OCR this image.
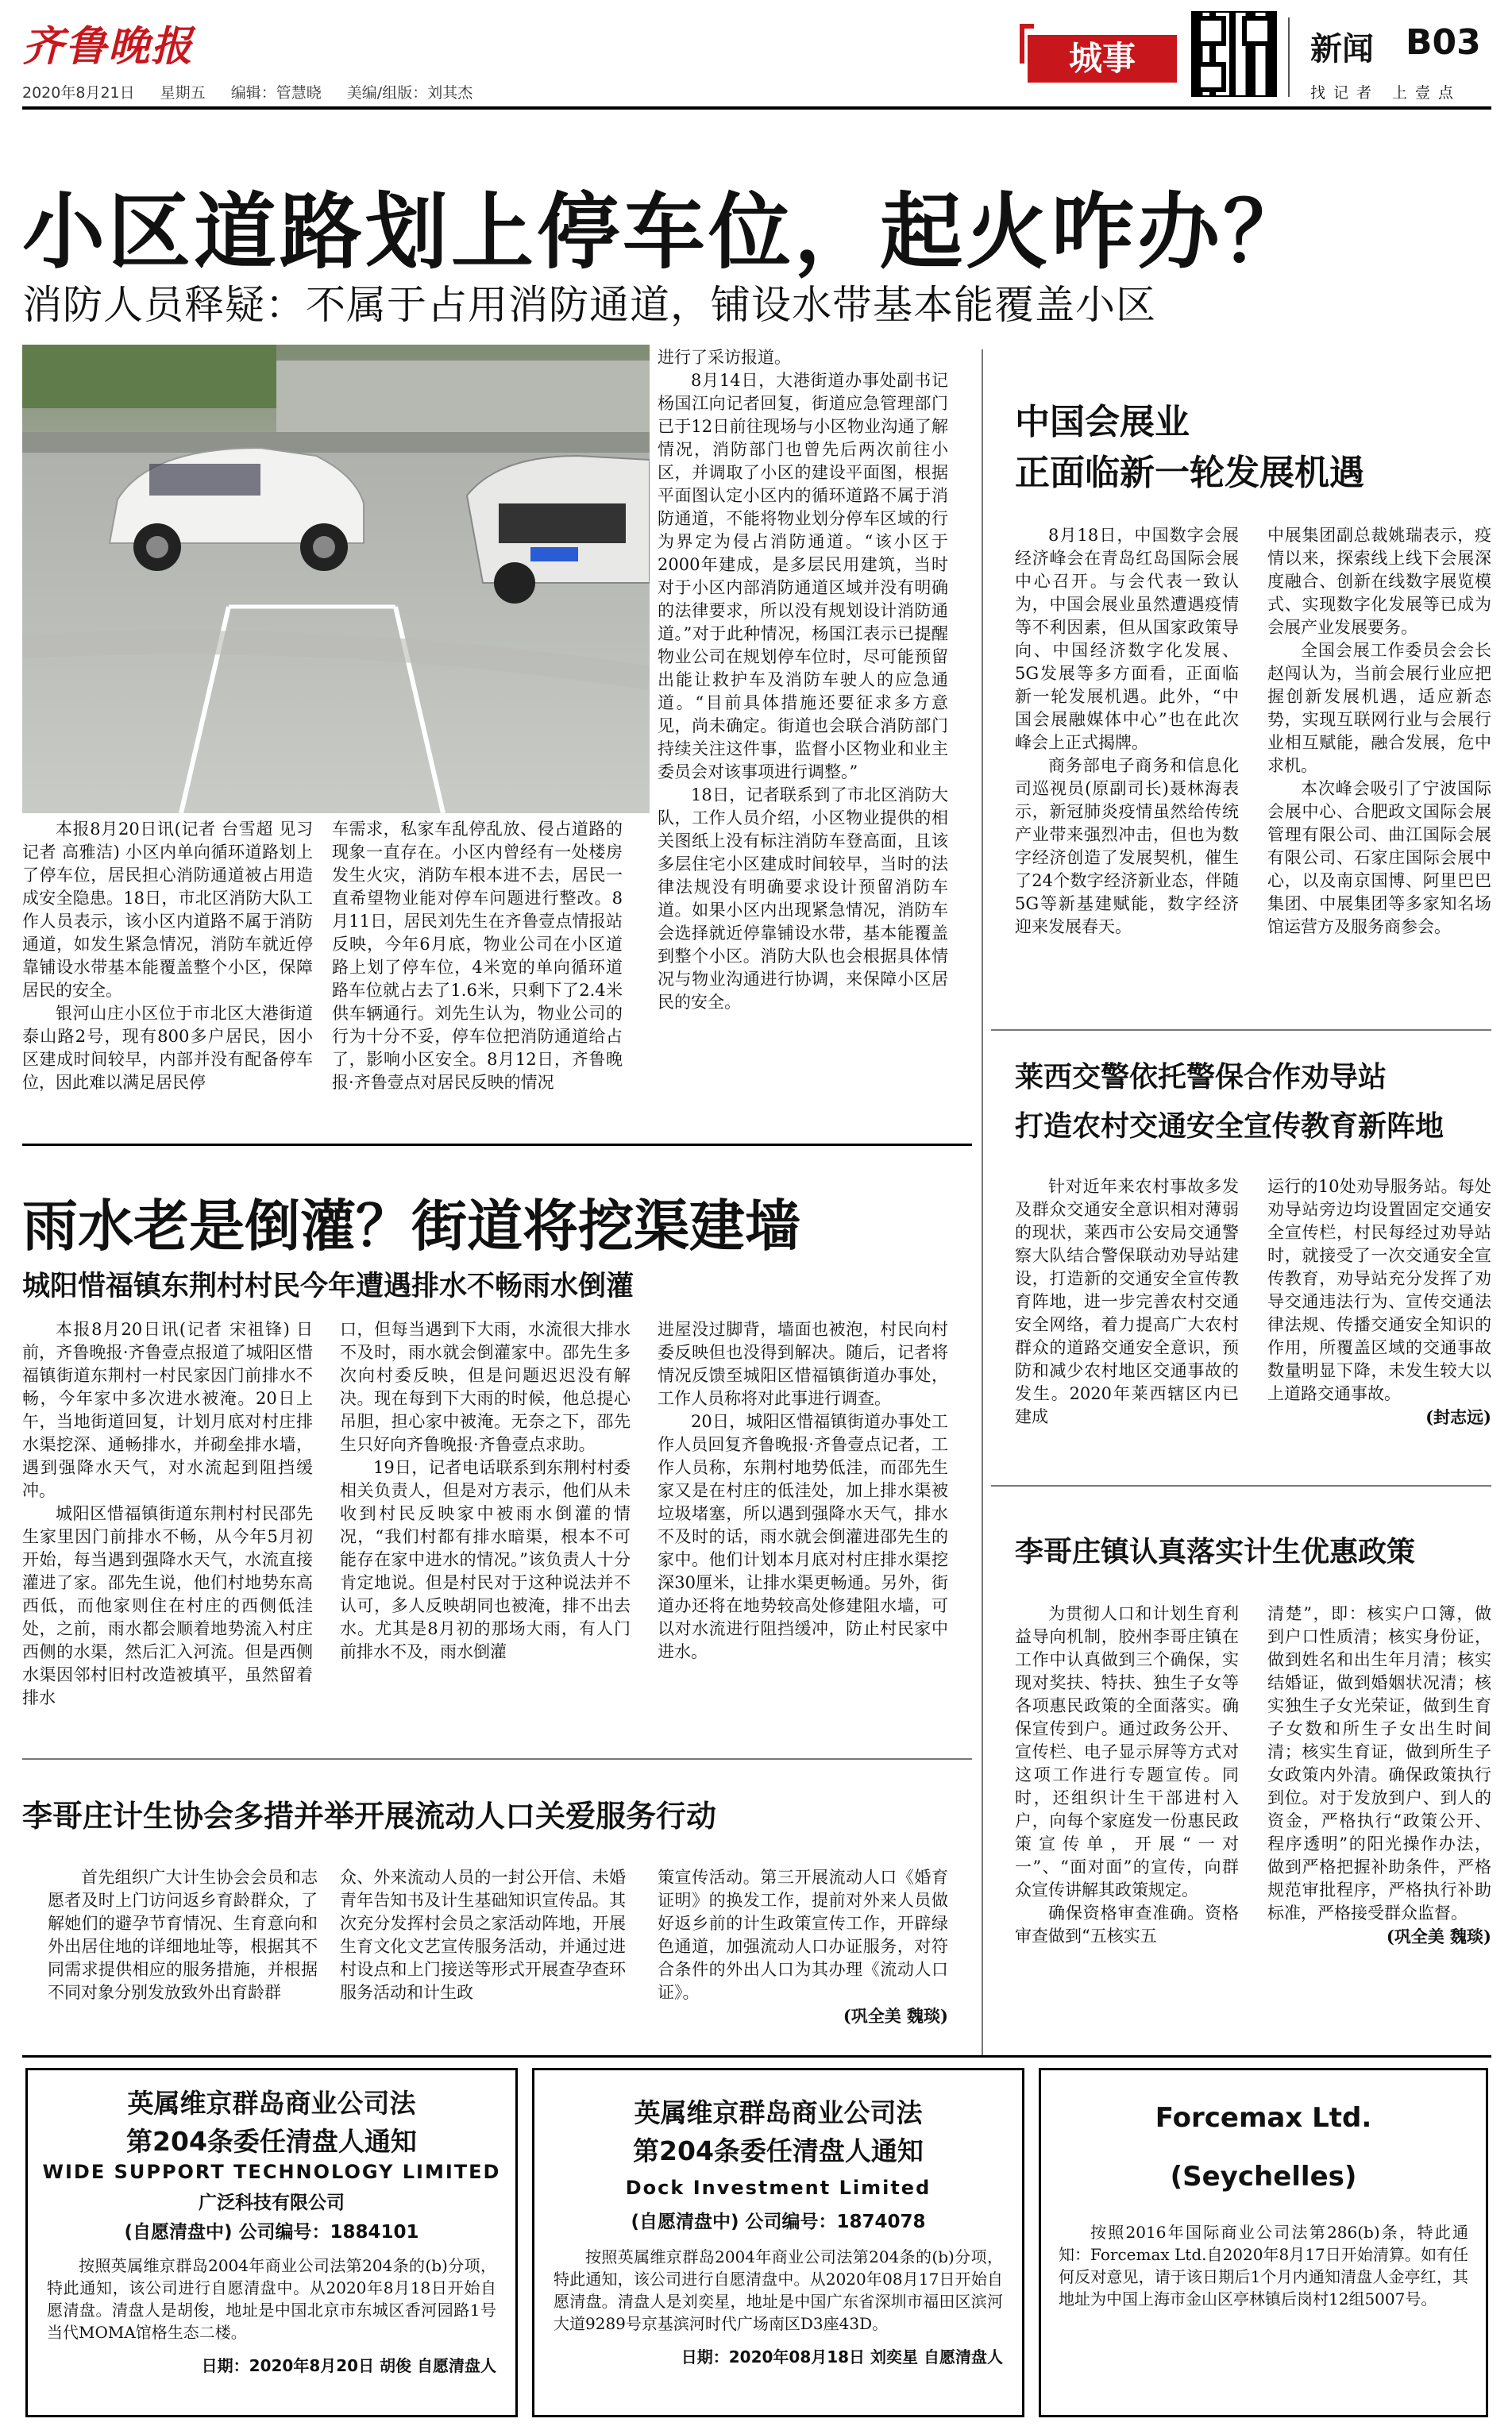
齐鲁晚报
2020年8月21日 星期五 编辑：管慧晓 美编/组版：刘其杰
城事	新闻 B03
找记者 上壹点
小区道路划上停车位，起火咋办？
消防人员释疑：不属于占用消防通道，铺设水带基本能覆盖小区

本报8月20日讯(记者 台雪超 见习记者 高雅洁) 小区内单向循环道路划上了停车位，居民担心消防通道被占用造成安全隐患。18日，市北区消防大队工作人员表示，该小区内道路不属于消防通道，如发生紧急情况，消防车就近停靠铺设水带基本能覆盖整个小区，保障居民的安全。

银河山庄小区位于市北区大港街道泰山路2号，现有800多户居民，因小区建成时间较早，内部并没有配备停车位，因此难以满足居民停

车需求，私家车乱停乱放、侵占道路的现象一直存在。小区内曾经有一处楼房发生火灾，消防车根本进不去，居民一直希望物业能对停车问题进行整改。8月11日，居民刘先生在齐鲁壹点情报站反映，今年6月底，物业公司在小区道路上划了停车位，4米宽的单向循环道路车位就占去了1.6米，只剩下了2.4米供车辆通行。刘先生认为，物业公司的行为十分不妥，停车位把消防通道给占了，影响小区安全。8月12日，齐鲁晚报·齐鲁壹点对居民反映的情况

进行了采访报道。

8月14日，大港街道办事处副书记杨国江向记者回复，街道应急管理部门已于12日前往现场与小区物业沟通了解情况，消防部门也曾先后两次前往小区，并调取了小区的建设平面图，根据平面图认定小区内的循环道路不属于消防通道，不能将物业划分停车区域的行为界定为侵占消防通道。“该小区于2000年建成，是多层民用建筑，当时对于小区内部消防通道区域并没有明确的法律要求，所以没有规划设计消防通道。”对于此种情况，杨国江表示已提醒物业公司在规划停车位时，尽可能预留出能让救护车及消防车驶人的应急通道。“目前具体措施还要征求多方意见，尚未确定。街道也会联合消防部门持续关注这件事，监督小区物业和业主委员会对该事项进行调整。”

18日，记者联系到了市北区消防大队，工作人员介绍，小区物业提供的相关图纸上没有标注消防车登高面，且该多层住宅小区建成时间较早，当时的法律法规没有明确要求设计预留消防车道。如果小区内出现紧急情况，消防车会选择就近停靠铺设水带，基本能覆盖到整个小区。消防大队也会根据具体情况与物业沟通进行协调，来保障小区居民的安全。

中国会展业
正面临新一轮发展机遇

8月18日，中国数字会展经济峰会在青岛红岛国际会展中心召开。与会代表一致认为，中国会展业虽然遭遇疫情等不利因素，但从国家政策导向、中国经济数字化发展、5G发展等多方面看，正面临新一轮发展机遇。此外，“中国会展融媒体中心”也在此次峰会上正式揭牌。

商务部电子商务和信息化司巡视员(原副司长)聂林海表示，新冠肺炎疫情虽然给传统产业带来强烈冲击，但也为数字经济创造了发展契机，催生了24个数字经济新业态，伴随5G等新基建赋能，数字经济迎来发展春天。

中展集团副总裁姚瑞表示，疫情以来，探索线上线下会展深度融合、创新在线数字展览模式、实现数字化发展等已成为会展产业发展要务。

全国会展工作委员会会长赵闯认为，当前会展行业应把握创新发展机遇，适应新态势，实现互联网行业与会展行业相互赋能，融合发展，危中求机。

本次峰会吸引了宁波国际会展中心、合肥政文国际会展管理有限公司、曲江国际会展有限公司、石家庄国际会展中心，以及南京国博、阿里巴巴集团、中展集团等多家知名场馆运营方及服务商参会。

莱西交警依托警保合作劝导站
打造农村交通安全宣传教育新阵地

针对近年来农村事故多发及群众交通安全意识相对薄弱的现状，莱西市公安局交通警察大队结合警保联动劝导站建设，打造新的交通安全宣传教育阵地，进一步完善农村交通安全网络，着力提高广大农村群众的道路交通安全意识，预防和减少农村地区交通事故的发生。2020年莱西辖区内已建成

运行的10处劝导服务站。每处劝导站旁边均设置固定交通安全宣传栏，村民每经过劝导站时，就接受了一次交通安全宣传教育，劝导站充分发挥了劝导交通违法行为、宣传交通法律法规、传播交通安全知识的作用，所覆盖区域的交通事故数量明显下降，未发生较大以上道路交通事故。

(封志远)
李哥庄镇认真落实计生优惠政策

为贯彻人口和计划生育利益导向机制，胶州李哥庄镇在工作中认真做到三个确保，实现对奖扶、特扶、独生子女等各项惠民政策的全面落实。确保宣传到户。通过政务公开、宣传栏、电子显示屏等方式对这项工作进行专题宣传。同时，还组织计生干部进村入户，向每个家庭发一份惠民政策宣传单，开展“一对一”、“面对面”的宣传，向群众宣传讲解其政策规定。

确保资格审查准确。资格审查做到“五核实五

清楚”，即：核实户口簿，做到户口性质清；核实身份证，做到姓名和出生年月清；核实结婚证，做到婚姻状况清；核实独生子女光荣证，做到生育子女数和所生子女出生时间清；核实生育证，做到所生子女政策内外清。确保政策执行到位。对于发放到户、到人的资金，严格执行“政策公开、程序透明”的阳光操作办法，做到严格把握补助条件，严格规范审批程序，严格执行补助标准，严格接受群众监督。

(巩全美 魏琰)
雨水老是倒灌？街道将挖渠建墙
城阳惜福镇东荆村村民今年遭遇排水不畅雨水倒灌

本报8月20日讯(记者 宋祖锋) 日前，齐鲁晚报·齐鲁壹点报道了城阳区惜福镇街道东荆村一村民家因门前排水不畅，今年家中多次进水被淹。20日上午，当地街道回复，计划月底对村庄排水渠挖深、通畅排水，并砌垒排水墙，遇到强降水天气，对水流起到阻挡缓冲。

城阳区惜福镇街道东荆村村民邵先生家里因门前排水不畅，从今年5月初开始，每当遇到强降水天气，水流直接灌进了家。邵先生说，他们村地势东高西低，而他家则住在村庄的西侧低洼处，之前，雨水都会顺着地势流入村庄西侧的水渠，然后汇入河流。但是西侧水渠因邻村旧村改造被填平，虽然留着排水

口，但每当遇到下大雨，水流很大排水不及时，雨水就会倒灌家中。邵先生多次向村委反映，但是问题迟迟没有解决。现在每到下大雨的时候，他总提心吊胆，担心家中被淹。无奈之下，邵先生只好向齐鲁晚报·齐鲁壹点求助。

19日，记者电话联系到东荆村村委相关负责人，但是对方表示，他们从未收到村民反映家中被雨水倒灌的情况，“我们村都有排水暗渠，根本不可能存在家中进水的情况。”该负责人十分肯定地说。但是村民对于这种说法并不认可，多人反映胡同也被淹，排不出去水。尤其是8月初的那场大雨，有人门前排水不及，雨水倒灌

进屋没过脚背，墙面也被泡，村民向村委反映但也没得到解决。随后，记者将情况反馈至城阳区惜福镇街道办事处，工作人员称将对此事进行调查。

20日，城阳区惜福镇街道办事处工作人员回复齐鲁晚报·齐鲁壹点记者，工作人员称，东荆村地势低洼，而邵先生家又是在村庄的低洼处，加上排水渠被垃圾堵塞，所以遇到强降水天气，排水不及时的话，雨水就会倒灌进邵先生的家中。他们计划本月底对村庄排水渠挖深30厘米，让排水渠更畅通。另外，街道办还将在地势较高处修建阻水墙，可以对水流进行阻挡缓冲，防止村民家中进水。

李哥庄计生协会多措并举开展流动人口关爱服务行动

首先组织广大计生协会会员和志愿者及时上门访问返乡育龄群众，了解她们的避孕节育情况、生育意向和外出居住地的详细地址等，根据其不同需求提供相应的服务措施，并根据不同对象分别发放致外出育龄群

众、外来流动人员的一封公开信、未婚青年告知书及计生基础知识宣传品。其次充分发挥村会员之家活动阵地，开展生育文化文艺宣传服务活动，并通过进村设点和上门接送等形式开展查孕查环服务活动和计生政

策宣传活动。第三开展流动人口《婚育证明》的换发工作，提前对外来人员做好返乡前的计生政策宣传工作，开辟绿色通道，加强流动人口办证服务，对符合条件的外出人口为其办理《流动人口证》。

(巩全美 魏琰)
英属维京群岛商业公司法
第204条委任清盘人通知
WIDE SUPPORT TECHNOLOGY LIMITED
广泛科技有限公司
(自愿清盘中) 公司编号：1884101
按照英属维京群岛2004年商业公司法第204条的(b)分项，特此通知，该公司进行自愿清盘中。从2020年8月18日开始自愿清盘。清盘人是胡俊，地址是中国北京市东城区香河园路1号当代MOMA馆格生态二楼。
日期：2020年8月20日 胡俊 自愿清盘人
英属维京群岛商业公司法
第204条委任清盘人通知
Dock Investment Limited
(自愿清盘中) 公司编号：1874078
按照英属维京群岛2004年商业公司法第204条的(b)分项，特此通知，该公司进行自愿清盘中。从2020年08月17日开始自愿清盘。清盘人是刘奕星，地址是中国广东省深圳市福田区滨河大道9289号京基滨河时代广场南区D3座43D。
日期：2020年08月18日 刘奕星 自愿清盘人
Forcemax Ltd.
(Seychelles)
按照2016年国际商业公司法第286(b)条，特此通知：Forcemax Ltd.自2020年8月17日开始清算。如有任何反对意见，请于该日期后1个月内通知清盘人金亭红，其地址为中国上海市金山区亭林镇后岗村12组5007号。
